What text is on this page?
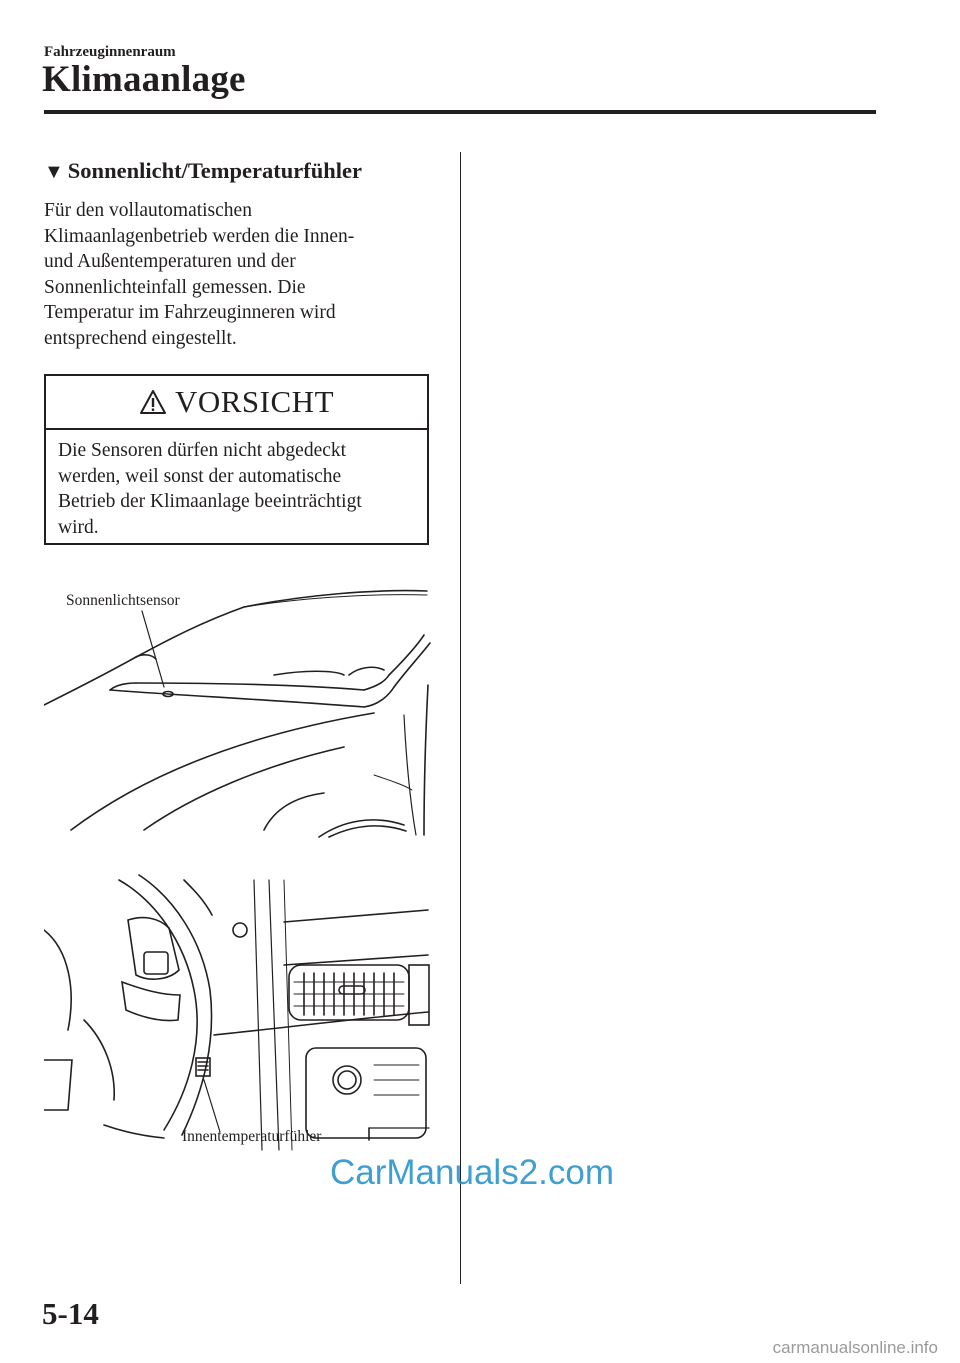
Fahrzeuginnenraum
Klimaanlage
▼ Sonnenlicht/Temperaturfühler
Für den vollautomatischen
Klimaanlagenbetrieb werden die Innen-
und Außentemperaturen und der
Sonnenlichteinfall gemessen. Die
Temperatur im Fahrzeuginneren wird
entsprechend eingestellt.
VORSICHT
Die Sensoren dürfen nicht abgedeckt
werden, weil sonst der automatische
Betrieb der Klimaanlage beeinträchtigt
wird.
Sonnenlichtsensor
Innentemperaturfühler
CarManuals2.com
5-14
carmanualsonline.info
